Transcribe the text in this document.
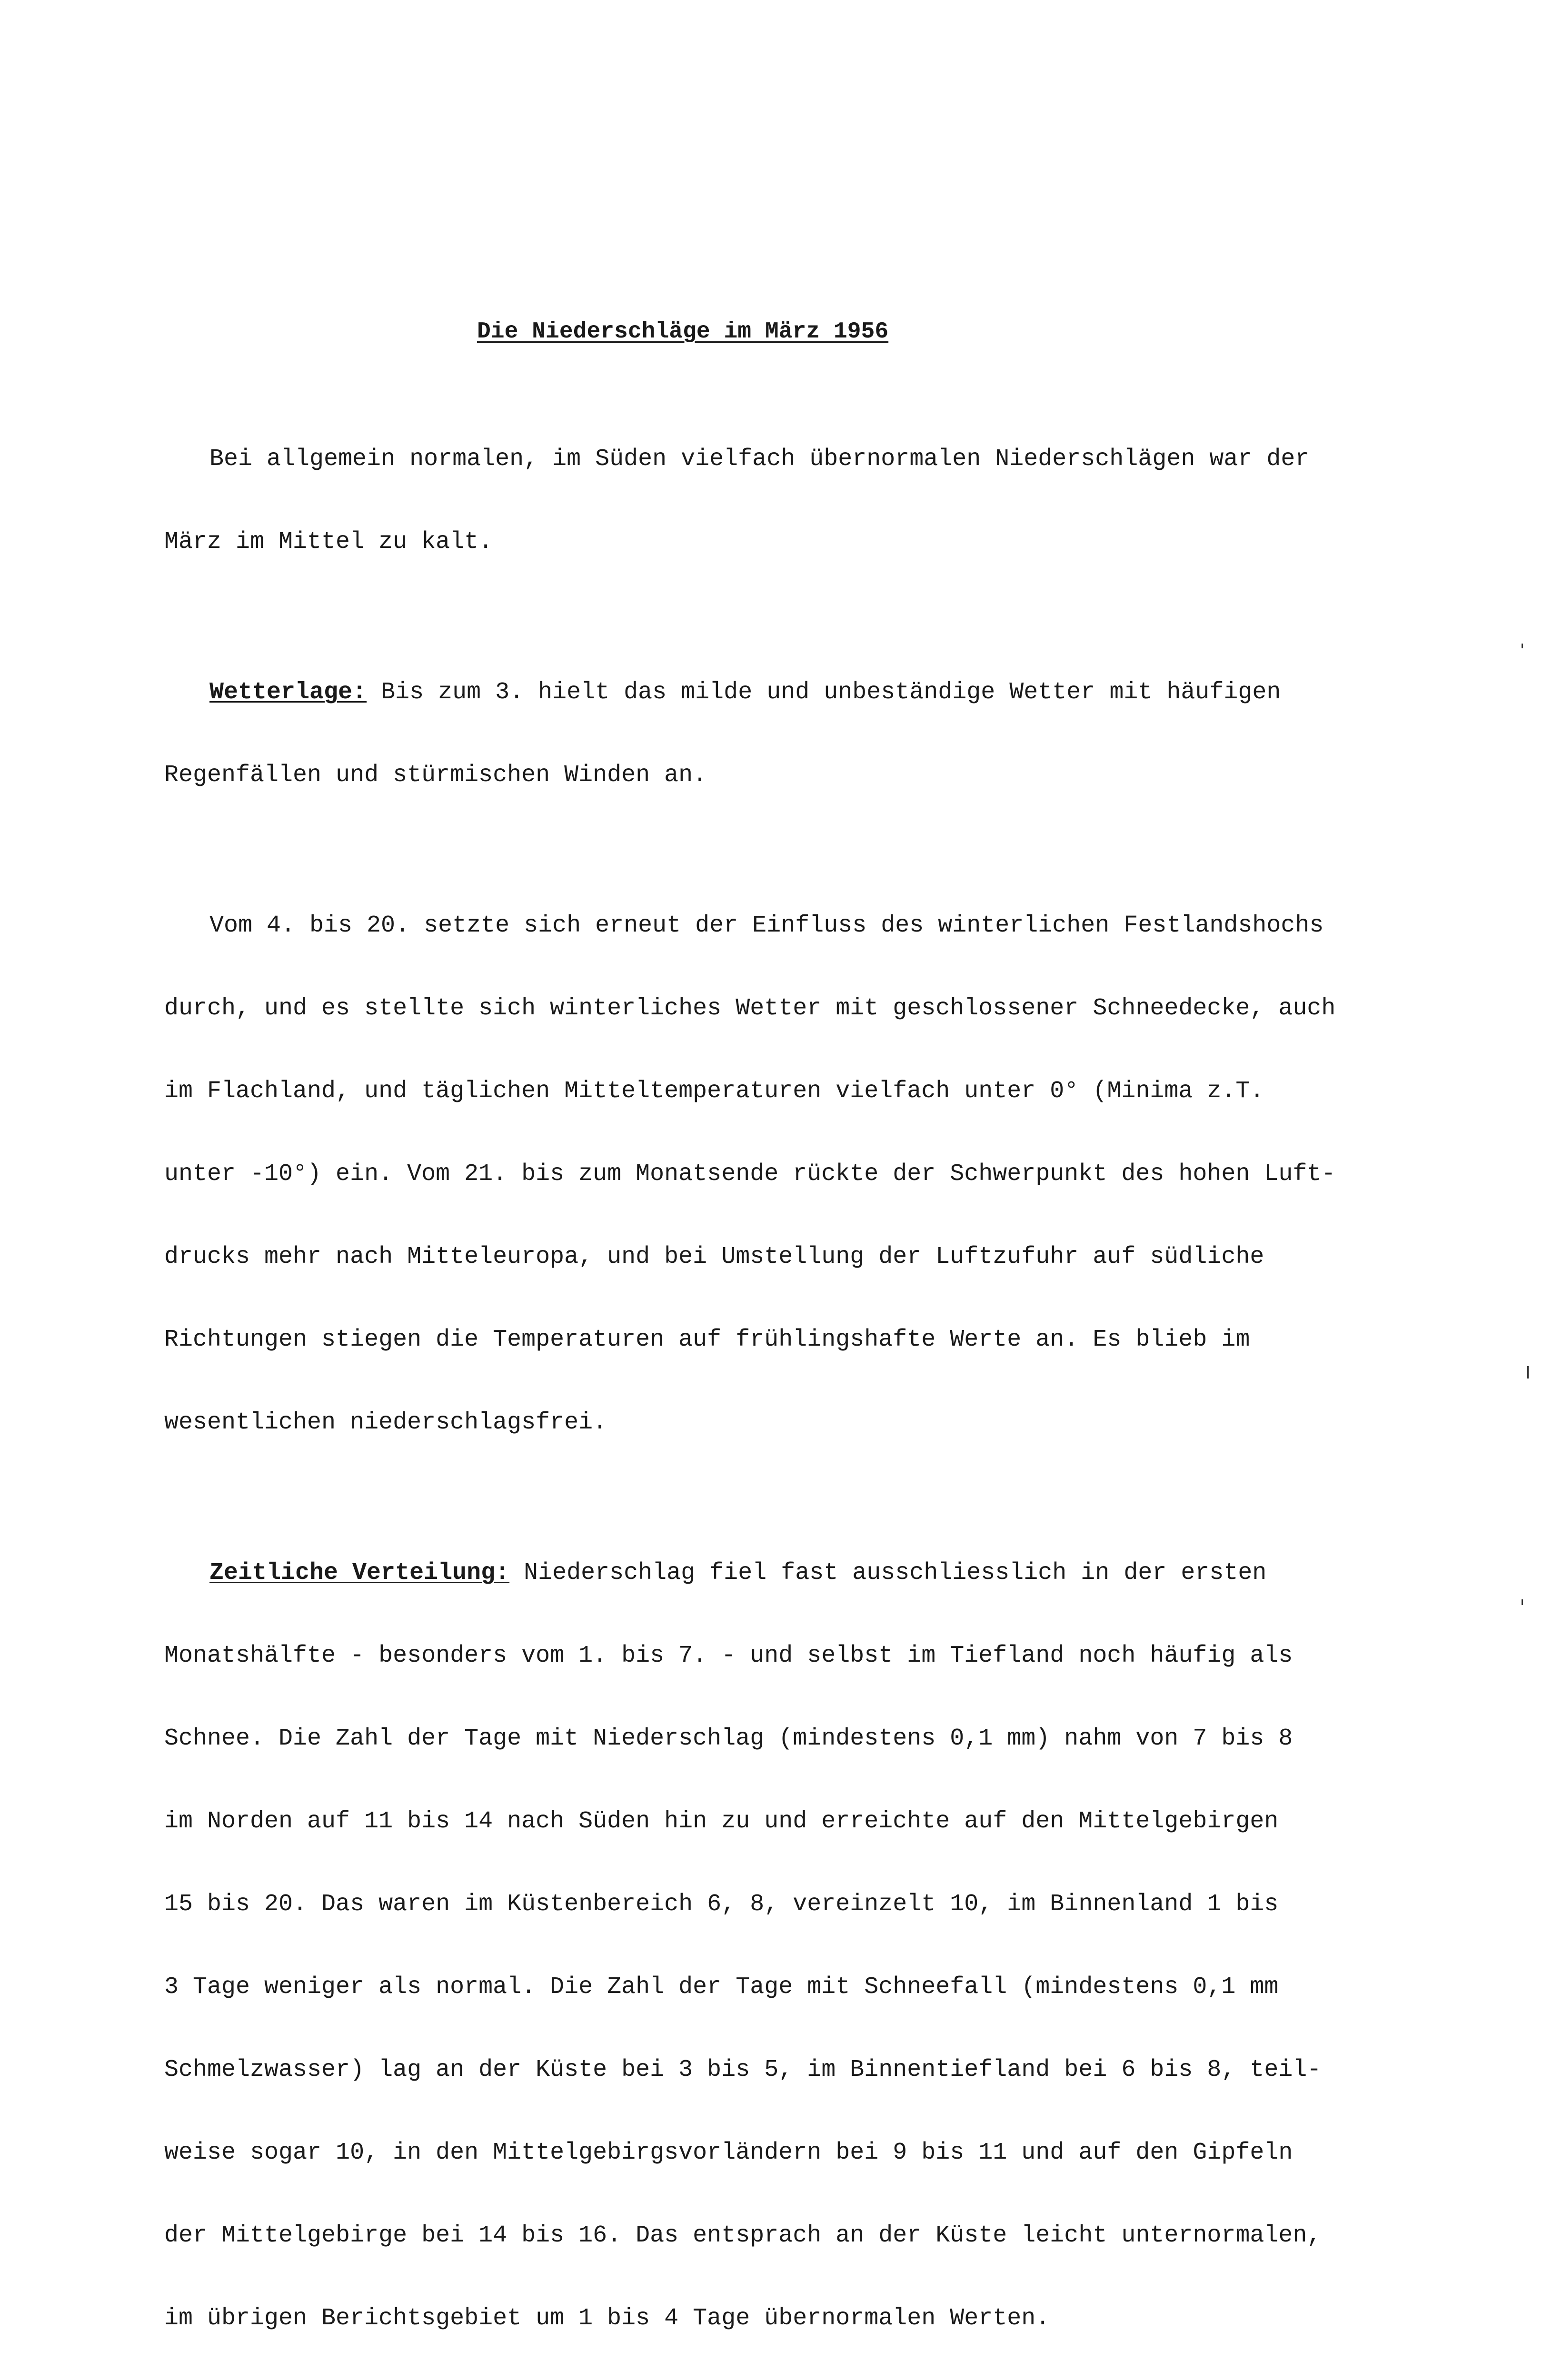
Die Niederschläge im März 1956

Bei allgemein normalen, im Süden vielfach übernormalen Niederschlägen war der

März im Mittel zu kalt.

Wetterlage: Bis zum 3. hielt das milde und unbeständige Wetter mit häufigen

Regenfällen und stürmischen Winden an.

Vom 4. bis 20. setzte sich erneut der Einfluss des winterlichen Festlandshochs

durch, und es stellte sich winterliches Wetter mit geschlossener Schneedecke, auch

im Flachland, und täglichen Mitteltemperaturen vielfach unter 0° (Minima z.T.

unter -10°) ein. Vom 21. bis zum Monatsende rückte der Schwerpunkt des hohen Luft-

drucks mehr nach Mitteleuropa, und bei Umstellung der Luftzufuhr auf südliche

Richtungen stiegen die Temperaturen auf frühlingshafte Werte an. Es blieb im

wesentlichen niederschlagsfrei.

Zeitliche Verteilung: Niederschlag fiel fast ausschliesslich in der ersten

Monatshälfte - besonders vom 1. bis 7. - und selbst im Tiefland noch häufig als

Schnee. Die Zahl der Tage mit Niederschlag (mindestens 0,1 mm) nahm von 7 bis 8

im Norden auf 11 bis 14 nach Süden hin zu und erreichte auf den Mittelgebirgen

15 bis 20. Das waren im Küstenbereich 6, 8, vereinzelt 10, im Binnenland 1 bis

3 Tage weniger als normal. Die Zahl der Tage mit Schneefall (mindestens 0,1 mm

Schmelzwasser) lag an der Küste bei 3 bis 5, im Binnentiefland bei 6 bis 8, teil-

weise sogar 10, in den Mittelgebirgsvorländern bei 9 bis 11 und auf den Gipfeln

der Mittelgebirge bei 14 bis 16. Das entsprach an der Küste leicht unternormalen,

im übrigen Berichtsgebiet um 1 bis 4 Tage übernormalen Werten.
